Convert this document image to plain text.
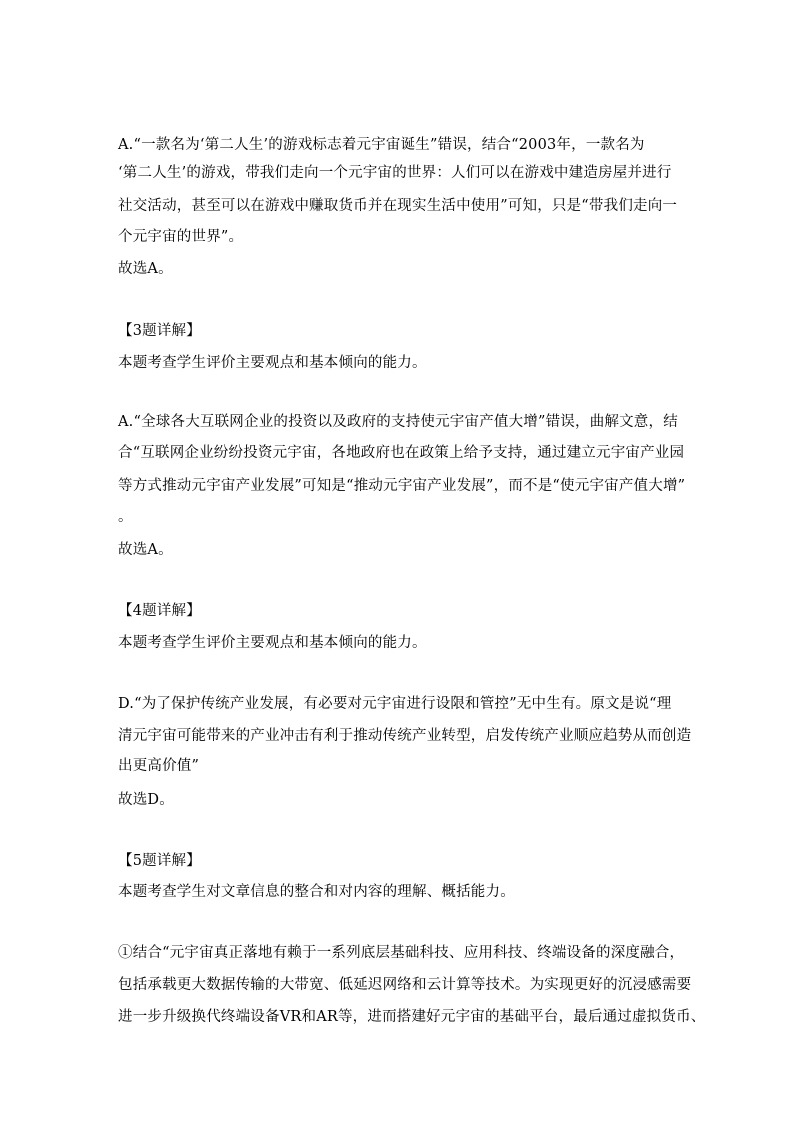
A.“一款名为‘第二人生’的游戏标志着元宇宙诞生”错误，结合“2003年，一款名为
‘第二人生’的游戏，带我们走向一个元宇宙的世界：人们可以在游戏中建造房屋并进行
社交活动，甚至可以在游戏中赚取货币并在现实生活中使用”可知，只是“带我们走向一
个元宇宙的世界”。
故选A。
【3题详解】
本题考查学生评价主要观点和基本倾向的能力。
A.“全球各大互联网企业的投资以及政府的支持使元宇宙产值大增”错误，曲解文意，结
合“互联网企业纷纷投资元宇宙，各地政府也在政策上给予支持，通过建立元宇宙产业园
等方式推动元宇宙产业发展”可知是“推动元宇宙产业发展”，而不是“使元宇宙产值大增”
。
故选A。
【4题详解】
本题考查学生评价主要观点和基本倾向的能力。
D.“为了保护传统产业发展，有必要对元宇宙进行设限和管控”无中生有。原文是说“理
清元宇宙可能带来的产业冲击有利于推动传统产业转型，启发传统产业顺应趋势从而创造
出更高价值”
故选D。
【5题详解】
本题考查学生对文章信息的整合和对内容的理解、概括能力。
①结合“元宇宙真正落地有赖于一系列底层基础科技、应用科技、终端设备的深度融合，
包括承载更大数据传输的大带宽、低延迟网络和云计算等技术。为实现更好的沉浸感需要
进一步升级换代终端设备VR和AR等，进而搭建好元宇宙的基础平台，最后通过虚拟货币、
